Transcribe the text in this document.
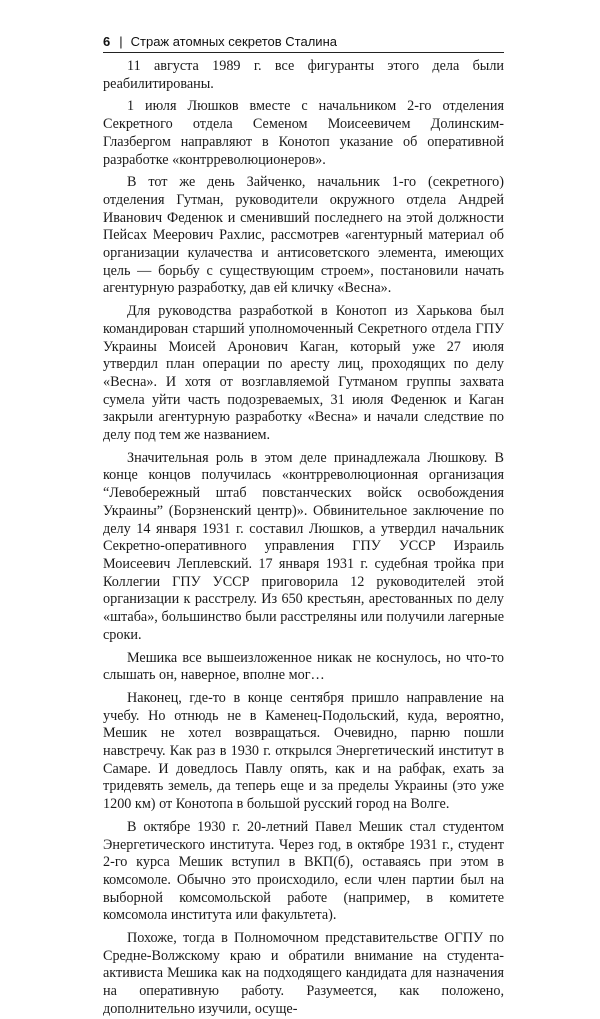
6 | Страж атомных секретов Сталина

11 августа 1989 г. все фигуранты этого дела были реабилитированы.

1 июля Люшков вместе с начальником 2-го отделения Секретного отдела Семеном Моисеевичем Долинским-Глазбергом направляют в Конотоп указание об оперативной разработке «контрреволюционеров».

В тот же день Зайченко, начальник 1-го (секретного) отделения Гутман, руководители окружного отдела Андрей Иванович Феденюк и сменивший последнего на этой должности Пейсах Меерович Рахлис, рассмотрев «агентурный материал об организации кулачества и антисоветского элемента, имеющих цель — борьбу с существующим строем», постановили начать агентурную разработку, дав ей кличку «Весна».

Для руководства разработкой в Конотоп из Харькова был командирован старший уполномоченный Секретного отдела ГПУ Украины Моисей Аронович Каган, который уже 27 июля утвердил план операции по аресту лиц, проходящих по делу «Весна». И хотя от возглавляемой Гутманом группы захвата сумела уйти часть подозреваемых, 31 июля Феденюк и Каган закрыли агентурную разработку «Весна» и начали следствие по делу под тем же названием.

Значительная роль в этом деле принадлежала Люшкову. В конце концов получилась «контрреволюционная организация “Левобережный штаб повстанческих войск освобождения Украины” (Борзненский центр)». Обвинительное заключение по делу 14 января 1931 г. составил Люшков, а утвердил начальник Секретно-оперативного управления ГПУ УССР Израиль Моисеевич Леплевский. 17 января 1931 г. судебная тройка при Коллегии ГПУ УССР приговорила 12 руководителей этой организации к расстрелу. Из 650 крестьян, арестованных по делу «штаба», большинство были расстреляны или получили лагерные сроки.

Мешика все вышеизложенное никак не коснулось, но что-то слышать он, наверное, вполне мог…

Наконец, где-то в конце сентября пришло направление на учебу. Но отнюдь не в Каменец-Подольский, куда, вероятно, Мешик не хотел возвращаться. Очевидно, парню пошли навстречу. Как раз в 1930 г. открылся Энергетический институт в Самаре. И доведлось Павлу опять, как и на рабфак, ехать за тридевять земель, да теперь еще и за пределы Украины (это уже 1200 км) от Конотопа в большой русский город на Волге.

В октябре 1930 г. 20-летний Павел Мешик стал студентом Энергетического института. Через год, в октябре 1931 г., студент 2-го курса Мешик вступил в ВКП(б), оставаясь при этом в комсомоле. Обычно это происходило, если член партии был на выборной комсомольской работе (например, в комитете комсомола института или факультета).

Похоже, тогда в Полномочном представительстве ОГПУ по Средне-Волжскому краю и обратили внимание на студента-активиста Мешика как на подходящего кандидата для назначения на оперативную работу. Разумеется, как положено, дополнительно изучили, осуще-
